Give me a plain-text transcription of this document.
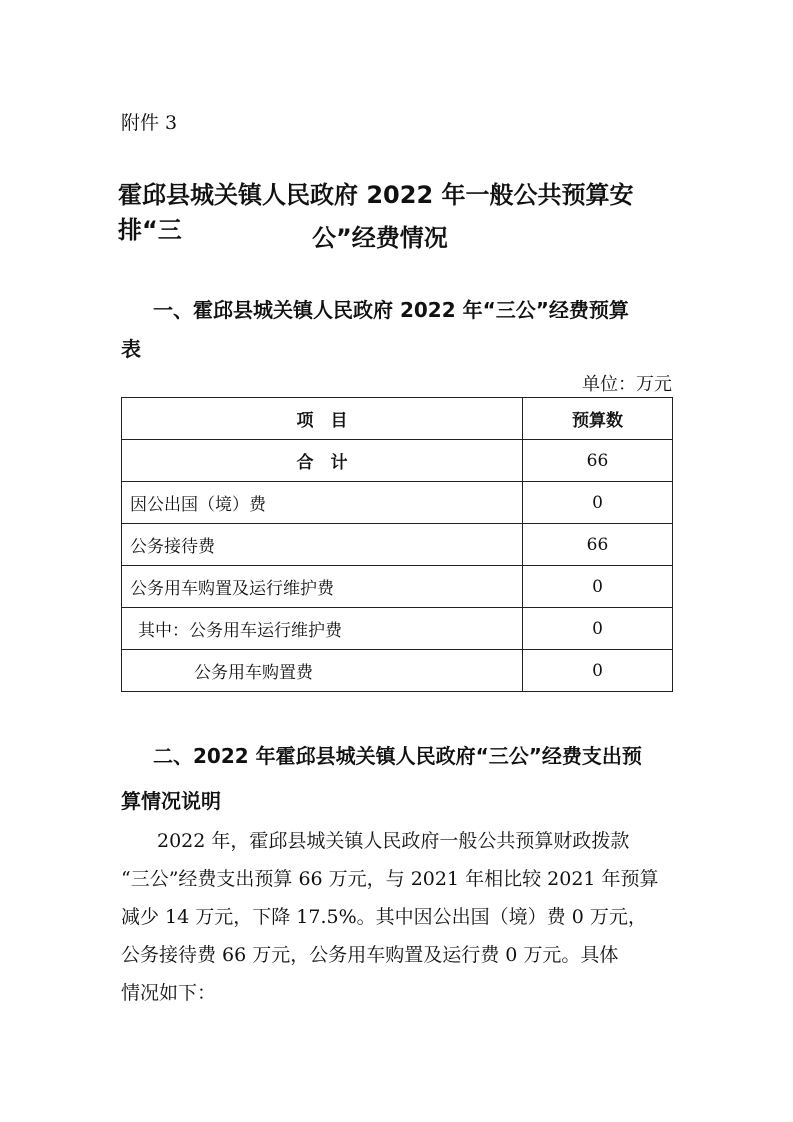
附件 3
霍邱县城关镇人民政府 2022 年一般公共预算安排“三	公”经费情况
一、霍邱县城关镇人民政府 2022 年“三公”经费预算
表
单位：万元
项　目	预算数
合　计	66
因公出国（境）费	0
公务接待费	66
公务用车购置及运行维护费	0
其中：公务用车运行维护费	0
公务用车购置费	0
二、2022 年霍邱县城关镇人民政府“三公”经费支出预
算情况说明

2022 年，霍邱县城关镇人民政府一般公共预算财政拨款

“三公”经费支出预算 66 万元，与 2021 年相比较 2021 年预算

减少 14 万元，下降 17.5%。其中因公出国（境）费 0 万元，

公务接待费 66 万元，公务用车购置及运行费 0 万元。具体

情况如下：
